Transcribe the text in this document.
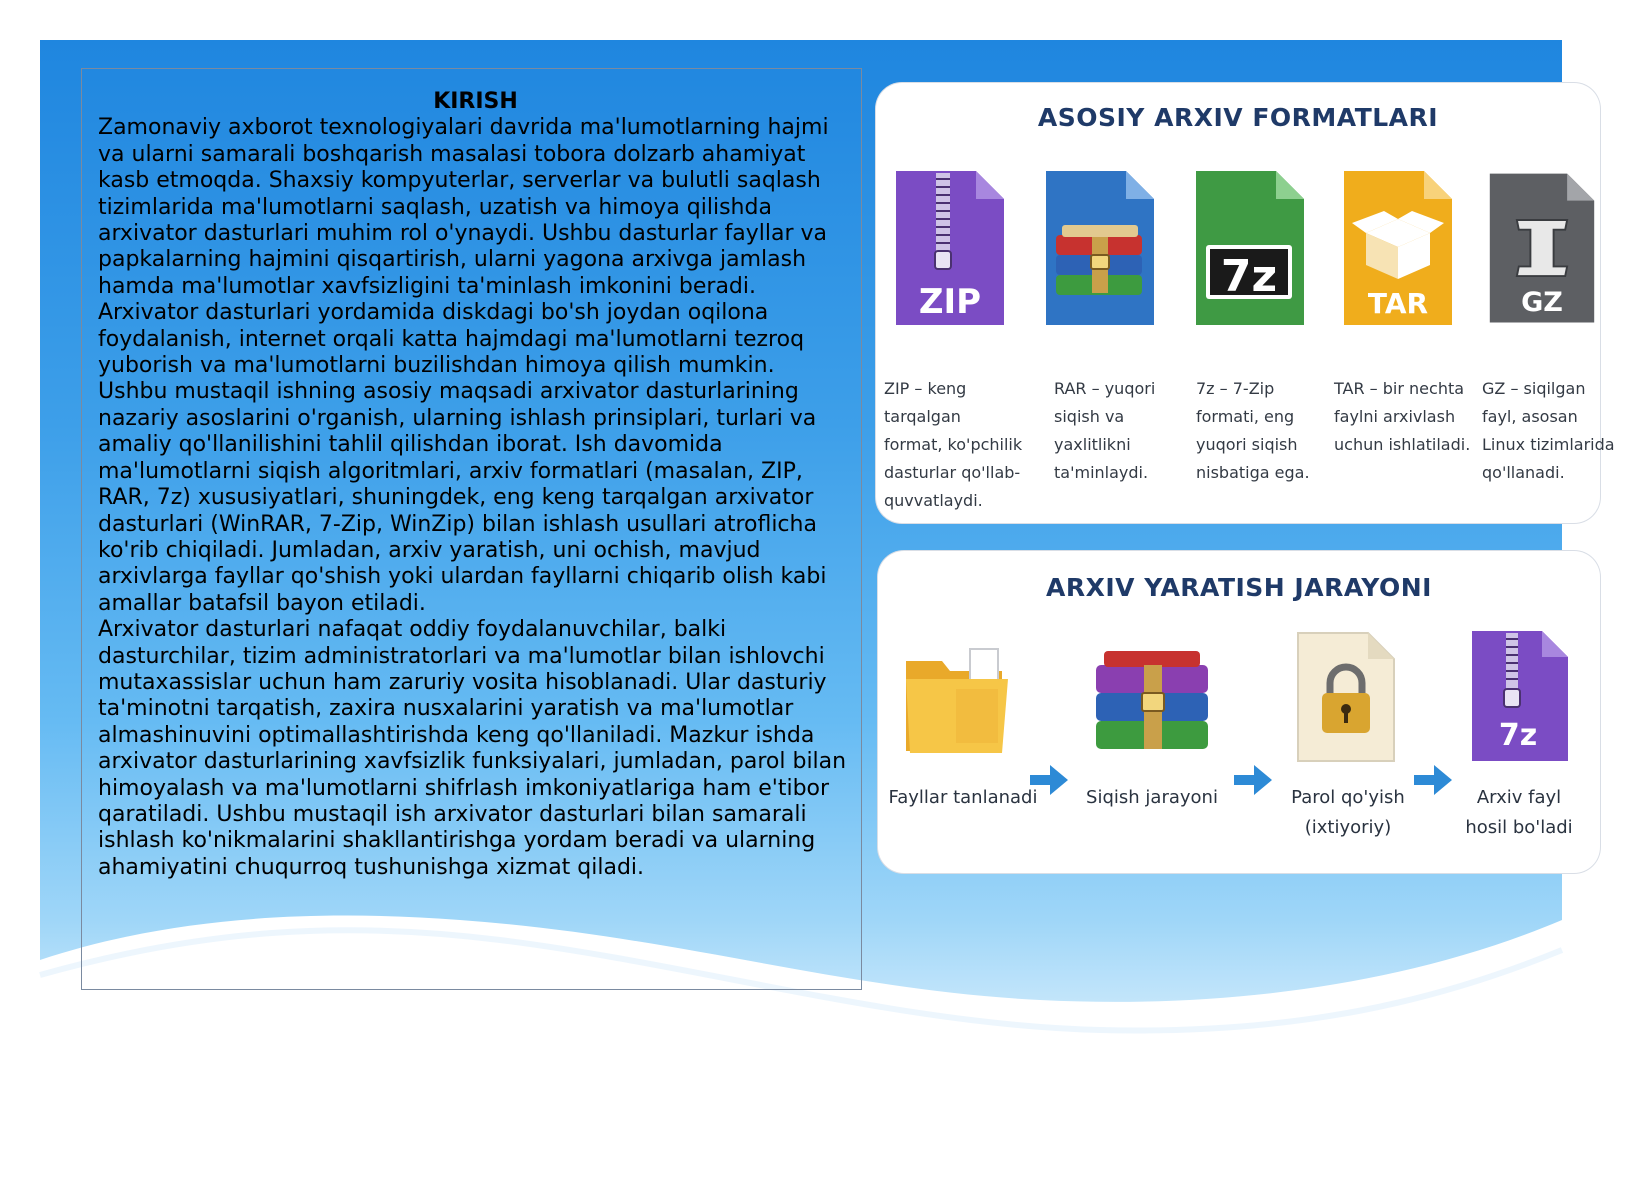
KIRISH

Zamonaviy axborot texnologiyalari davrida ma'lumotlarning hajmi va ularni samarali boshqarish masalasi tobora dolzarb ahamiyat kasb etmoqda. Shaxsiy kompyuterlar, serverlar va bulutli saqlash tizimlarida ma'lumotlarni saqlash, uzatish va himoya qilishda arxivator dasturlari muhim rol o'ynaydi. Ushbu dasturlar fayllar va papkalarning hajmini qisqartirish, ularni yagona arxivga jamlash hamda ma'lumotlar xavfsizligini ta'minlash imkonini beradi. Arxivator dasturlari yordamida diskdagi bo'sh joydan oqilona foydalanish, internet orqali katta hajmdagi ma'lumotlarni tezroq yuborish va ma'lumotlarni buzilishdan himoya qilish mumkin.

Ushbu mustaqil ishning asosiy maqsadi arxivator dasturlarining nazariy asoslarini o'rganish, ularning ishlash prinsiplari, turlari va amaliy qo'llanilishini tahlil qilishdan iborat. Ish davomida ma'lumotlarni siqish algoritmlari, arxiv formatlari (masalan, ZIP, RAR, 7z) xususiyatlari, shuningdek, eng keng tarqalgan arxivator dasturlari (WinRAR, 7-Zip, WinZip) bilan ishlash usullari atroflicha ko'rib chiqiladi. Jumladan, arxiv yaratish, uni ochish, mavjud arxivlarga fayllar qo'shish yoki ulardan fayllarni chiqarib olish kabi amallar batafsil bayon etiladi.

Arxivator dasturlari nafaqat oddiy foydalanuvchilar, balki dasturchilar, tizim administratorlari va ma'lumotlar bilan ishlovchi mutaxassislar uchun ham zaruriy vosita hisoblanadi. Ular dasturiy ta'minotni tarqatish, zaxira nusxalarini yaratish va ma'lumotlar almashinuvini optimallashtirishda keng qo'llaniladi. Mazkur ishda arxivator dasturlarining xavfsizlik funksiyalari, jumladan, parol bilan himoyalash va ma'lumotlarni shifrlash imkoniyatlariga ham e'tibor qaratiladi. Ushbu mustaqil ish arxivator dasturlari bilan samarali ishlash ko'nikmalarini shakllantirishga yordam beradi va ularning ahamiyatini chuqurroq tushunishga xizmat qiladi.

ASOSIY ARXIV FORMATLARI
ZIP
ZIP – keng tarqalgan
format, ko'pchilik
dasturlar qo'llab-
quvvatlaydi.
RAR – yuqori
siqish va
yaxlitlikni
ta'minlaydi.
7z
7z – 7-Zip
formati, eng
yuqori siqish
nisbatiga ega.
TAR
TAR – bir nechta
faylni arxivlash
uchun ishlatiladi.
GZ
GZ – siqilgan
fayl, asosan
Linux tizimlarida
qo'llanadi.
ARXIV YARATISH JARAYONI
Fayllar tanlanadi	Siqish jarayoni	Parol qo'yish
(ixtiyoriy)
7z
Arxiv fayl
hosil bo'ladi
